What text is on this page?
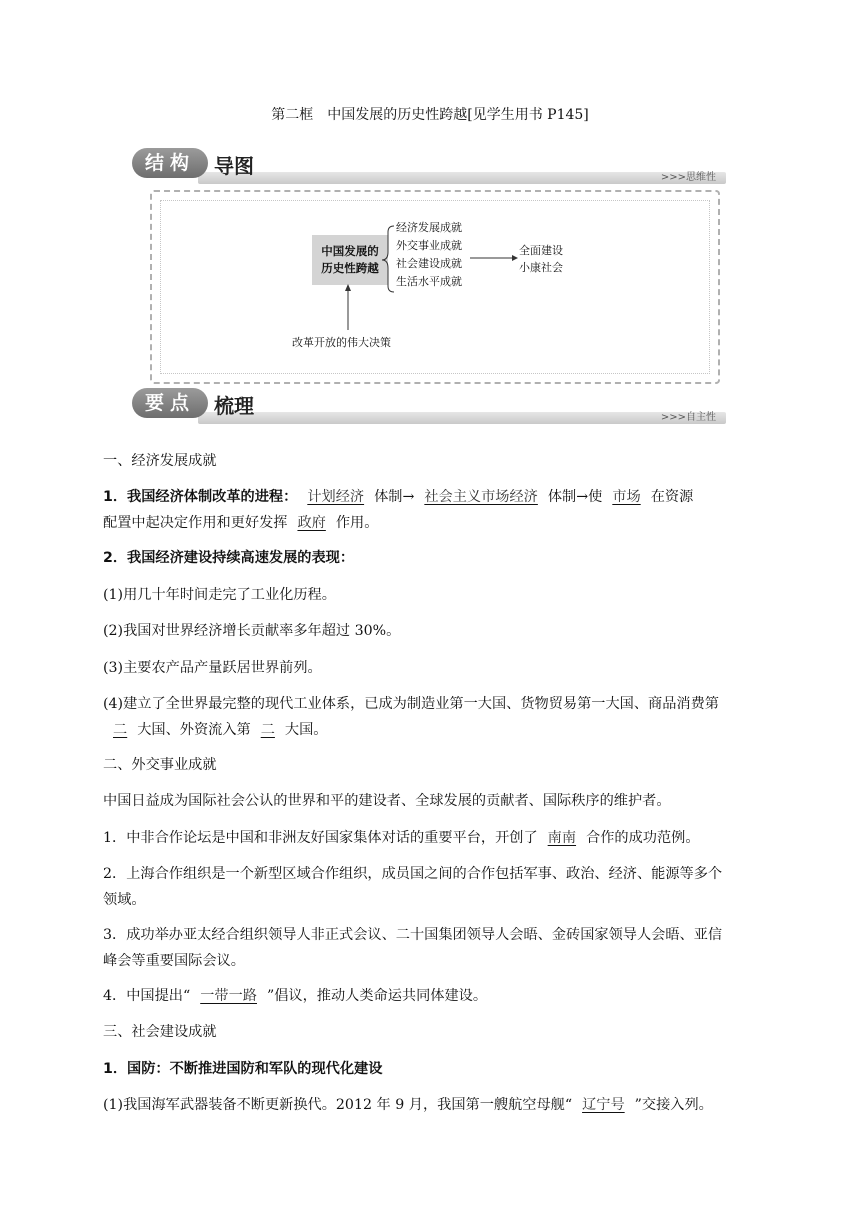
第二框　中国发展的历史性跨越[见学生用书 P145]
结构 导图	>>>思维性
中国发展的
历史性跨越
经济发展成就
外交事业成就
社会建设成就
生活水平成就
全面建设
小康社会
改革开放的伟大决策
要点 梳理	>>>自主性
一、经济发展成就
1．我国经济体制改革的进程： 计划经济 体制→ 社会主义市场经济 体制→使 市场 在资源
配置中起决定作用和更好发挥 政府 作用。
2．我国经济建设持续高速发展的表现：
(1)用几十年时间走完了工业化历程。
(2)我国对世界经济增长贡献率多年超过 30%。
(3)主要农产品产量跃居世界前列。
(4)建立了全世界最完整的现代工业体系，已成为制造业第一大国、货物贸易第一大国、商品消费第
二 大国、外资流入第 二 大国。
二、外交事业成就
中国日益成为国际社会公认的世界和平的建设者、全球发展的贡献者、国际秩序的维护者。
1．中非合作论坛是中国和非洲友好国家集体对话的重要平台，开创了 南南 合作的成功范例。
2．上海合作组织是一个新型区域合作组织，成员国之间的合作包括军事、政治、经济、能源等多个
领域。
3．成功举办亚太经合组织领导人非正式会议、二十国集团领导人会晤、金砖国家领导人会晤、亚信
峰会等重要国际会议。
4．中国提出“ 一带一路 ”倡议，推动人类命运共同体建设。
三、社会建设成就
1．国防：不断推进国防和军队的现代化建设
(1)我国海军武器装备不断更新换代。2012 年 9 月，我国第一艘航空母舰“ 辽宁号 ”交接入列。
